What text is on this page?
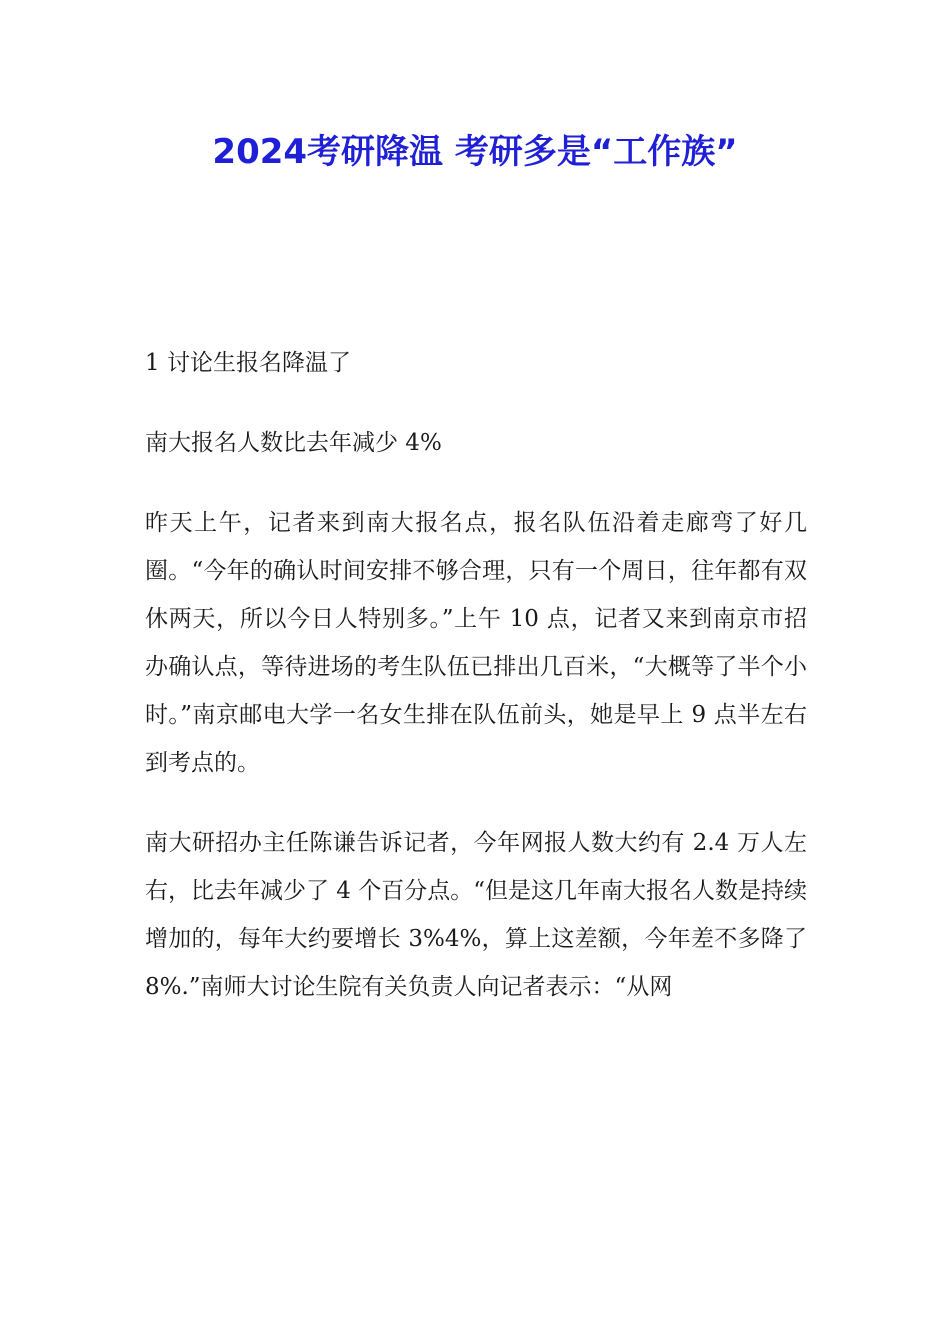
2024考研降温 考研多是“工作族”

1 讨论生报名降温了

南大报名人数比去年减少 4%

昨天上午，记者来到南大报名点，报名队伍沿着走廊弯了好几圈。“今年的确认时间安排不够合理，只有一个周日，往年都有双休两天，所以今日人特别多。”上午 10 点，记者又来到南京市招办确认点，等待进场的考生队伍已排出几百米，“大概等了半个小时。”南京邮电大学一名女生排在队伍前头，她是早上 9 点半左右到考点的。

南大研招办主任陈谦告诉记者，今年网报人数大约有 2.4 万人左右，比去年减少了 4 个百分点。“但是这几年南大报名人数是持续增加的，每年大约要增长 3%4%，算上这差额，今年差不多降了 8%.”南师大讨论生院有关负责人向记者表示：“从网
